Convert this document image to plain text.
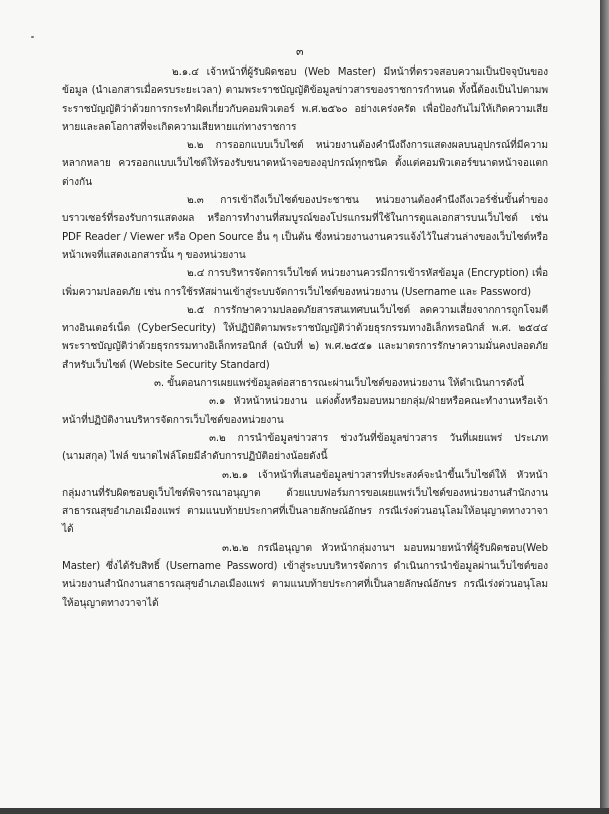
๓

๒.๑.๔ เจ้าหน้าที่ผู้รับผิดชอบ (Web Master) มีหน้าที่ตรวจสอบความเป็นปัจจุบันของข้อมูล (นำเอกสารเมื่อครบระยะเวลา) ตามพระราชบัญญัติข้อมูลข่าวสารของราชการกำหนด ทั้งนี้ต้องเป็นไปตามพระราชบัญญัติว่าด้วยการกระทำผิดเกี่ยวกับคอมพิวเตอร์ พ.ศ.๒๕๖๐ อย่างเคร่งครัด เพื่อป้องกันไม่ให้เกิดความเสียหายและลดโอกาสที่จะเกิดความเสียหายแก่ทางราชการ

๒.๒ การออกแบบเว็บไซต์ หน่วยงานต้องคำนึงถึงการแสดงผลบนอุปกรณ์ที่มีความหลากหลาย ควรออกแบบเว็บไซต์ให้รองรับขนาดหน้าจอของอุปกรณ์ทุกชนิด ตั้งแต่คอมพิวเตอร์ขนาดหน้าจอแตกต่างกัน

๒.๓ การเข้าถึงเว็บไซต์ของประชาชน หน่วยงานต้องคำนึงถึงเวอร์ชั่นขั้นต่ำของบราวเซอร์ที่รองรับการแสดงผล หรือการทำงานที่สมบูรณ์ของโปรแกรมที่ใช้ในการดูแลเอกสารบนเว็บไซต์ เช่น PDF Reader / Viewer หรือ Open Source อื่น ๆ เป็นต้น ซึ่งหน่วยงานงานควรแจ้งไว้ในส่วนล่างของเว็บไซต์หรือหน้าเพจที่แสดงเอกสารนั้น ๆ ของหน่วยงาน

๒.๔ การบริหารจัดการเว็บไซต์ หน่วยงานควรมีการเข้ารหัสข้อมูล (Encryption) เพื่อเพิ่มความปลอดภัย เช่น การใช้รหัสผ่านเข้าสู่ระบบจัดการเว็บไซต์ของหน่วยงาน (Username และ Password)

๒.๕ การรักษาความปลอดภัยสารสนเทศบนเว็บไซต์ ลดความเสี่ยงจากการถูกโจมตีทางอินเตอร์เน็ต (CyberSecurity) ให้ปฏิบัติตามพระราชบัญญัติว่าด้วยธุรกรรมทางอิเล็กทรอนิกส์ พ.ศ. ๒๕๔๔ พระราชบัญญัติว่าด้วยธุรกรรมทางอิเล็กทรอนิกส์ (ฉบับที่ ๒) พ.ศ.๒๕๕๑ และมาตรการรักษาความมั่นคงปลอดภัยสำหรับเว็บไซต์ (Website Security Standard)

๓. ขั้นตอนการเผยแพร่ข้อมูลต่อสาธารณะผ่านเว็บไซต์ของหน่วยงาน ให้ดำเนินการดังนี้

๓.๑ หัวหน้าหน่วยงาน แต่งตั้งหรือมอบหมายกลุ่ม/ฝ่ายหรือคณะทำงานหรือเจ้าหน้าที่ปฏิบัติงานบริหารจัดการเว็บไซต์ของหน่วยงาน

๓.๒ การนำข้อมูลข่าวสาร ช่วงวันที่ข้อมูลข่าวสาร วันที่เผยแพร่ ประเภท (นามสกุล) ไฟล์ ขนาดไฟล์โดยมีลำดับการปฏิบัติอย่างน้อยดังนี้

๓.๒.๑ เจ้าหน้าที่เสนอข้อมูลข่าวสารที่ประสงค์จะนำขึ้นเว็บไซต์ให้ หัวหน้ากลุ่มงานที่รับผิดชอบดูเว็บไซต์พิจารณาอนุญาต ด้วยแบบฟอร์มการขอเผยแพร่เว็บไซต์ของหน่วยงานสำนักงานสาธารณสุขอำเภอเมืองแพร่ ตามแนบท้ายประกาศที่เป็นลายลักษณ์อักษร กรณีเร่งด่วนอนุโลมให้อนุญาตทางวาจาได้

๓.๒.๒ กรณีอนุญาต หัวหน้ากลุ่มงานฯ มอบหมายหน้าที่ผู้รับผิดชอบ(Web Master) ซึ่งได้รับสิทธิ์ (Username Password) เข้าสู่ระบบบริหารจัดการ ดำเนินการนำข้อมูลผ่านเว็บไซต์ของหน่วยงานสำนักงานสาธารณสุขอำเภอเมืองแพร่ ตามแนบท้ายประกาศที่เป็นลายลักษณ์อักษร กรณีเร่งด่วนอนุโลมให้อนุญาตทางวาจาได้
